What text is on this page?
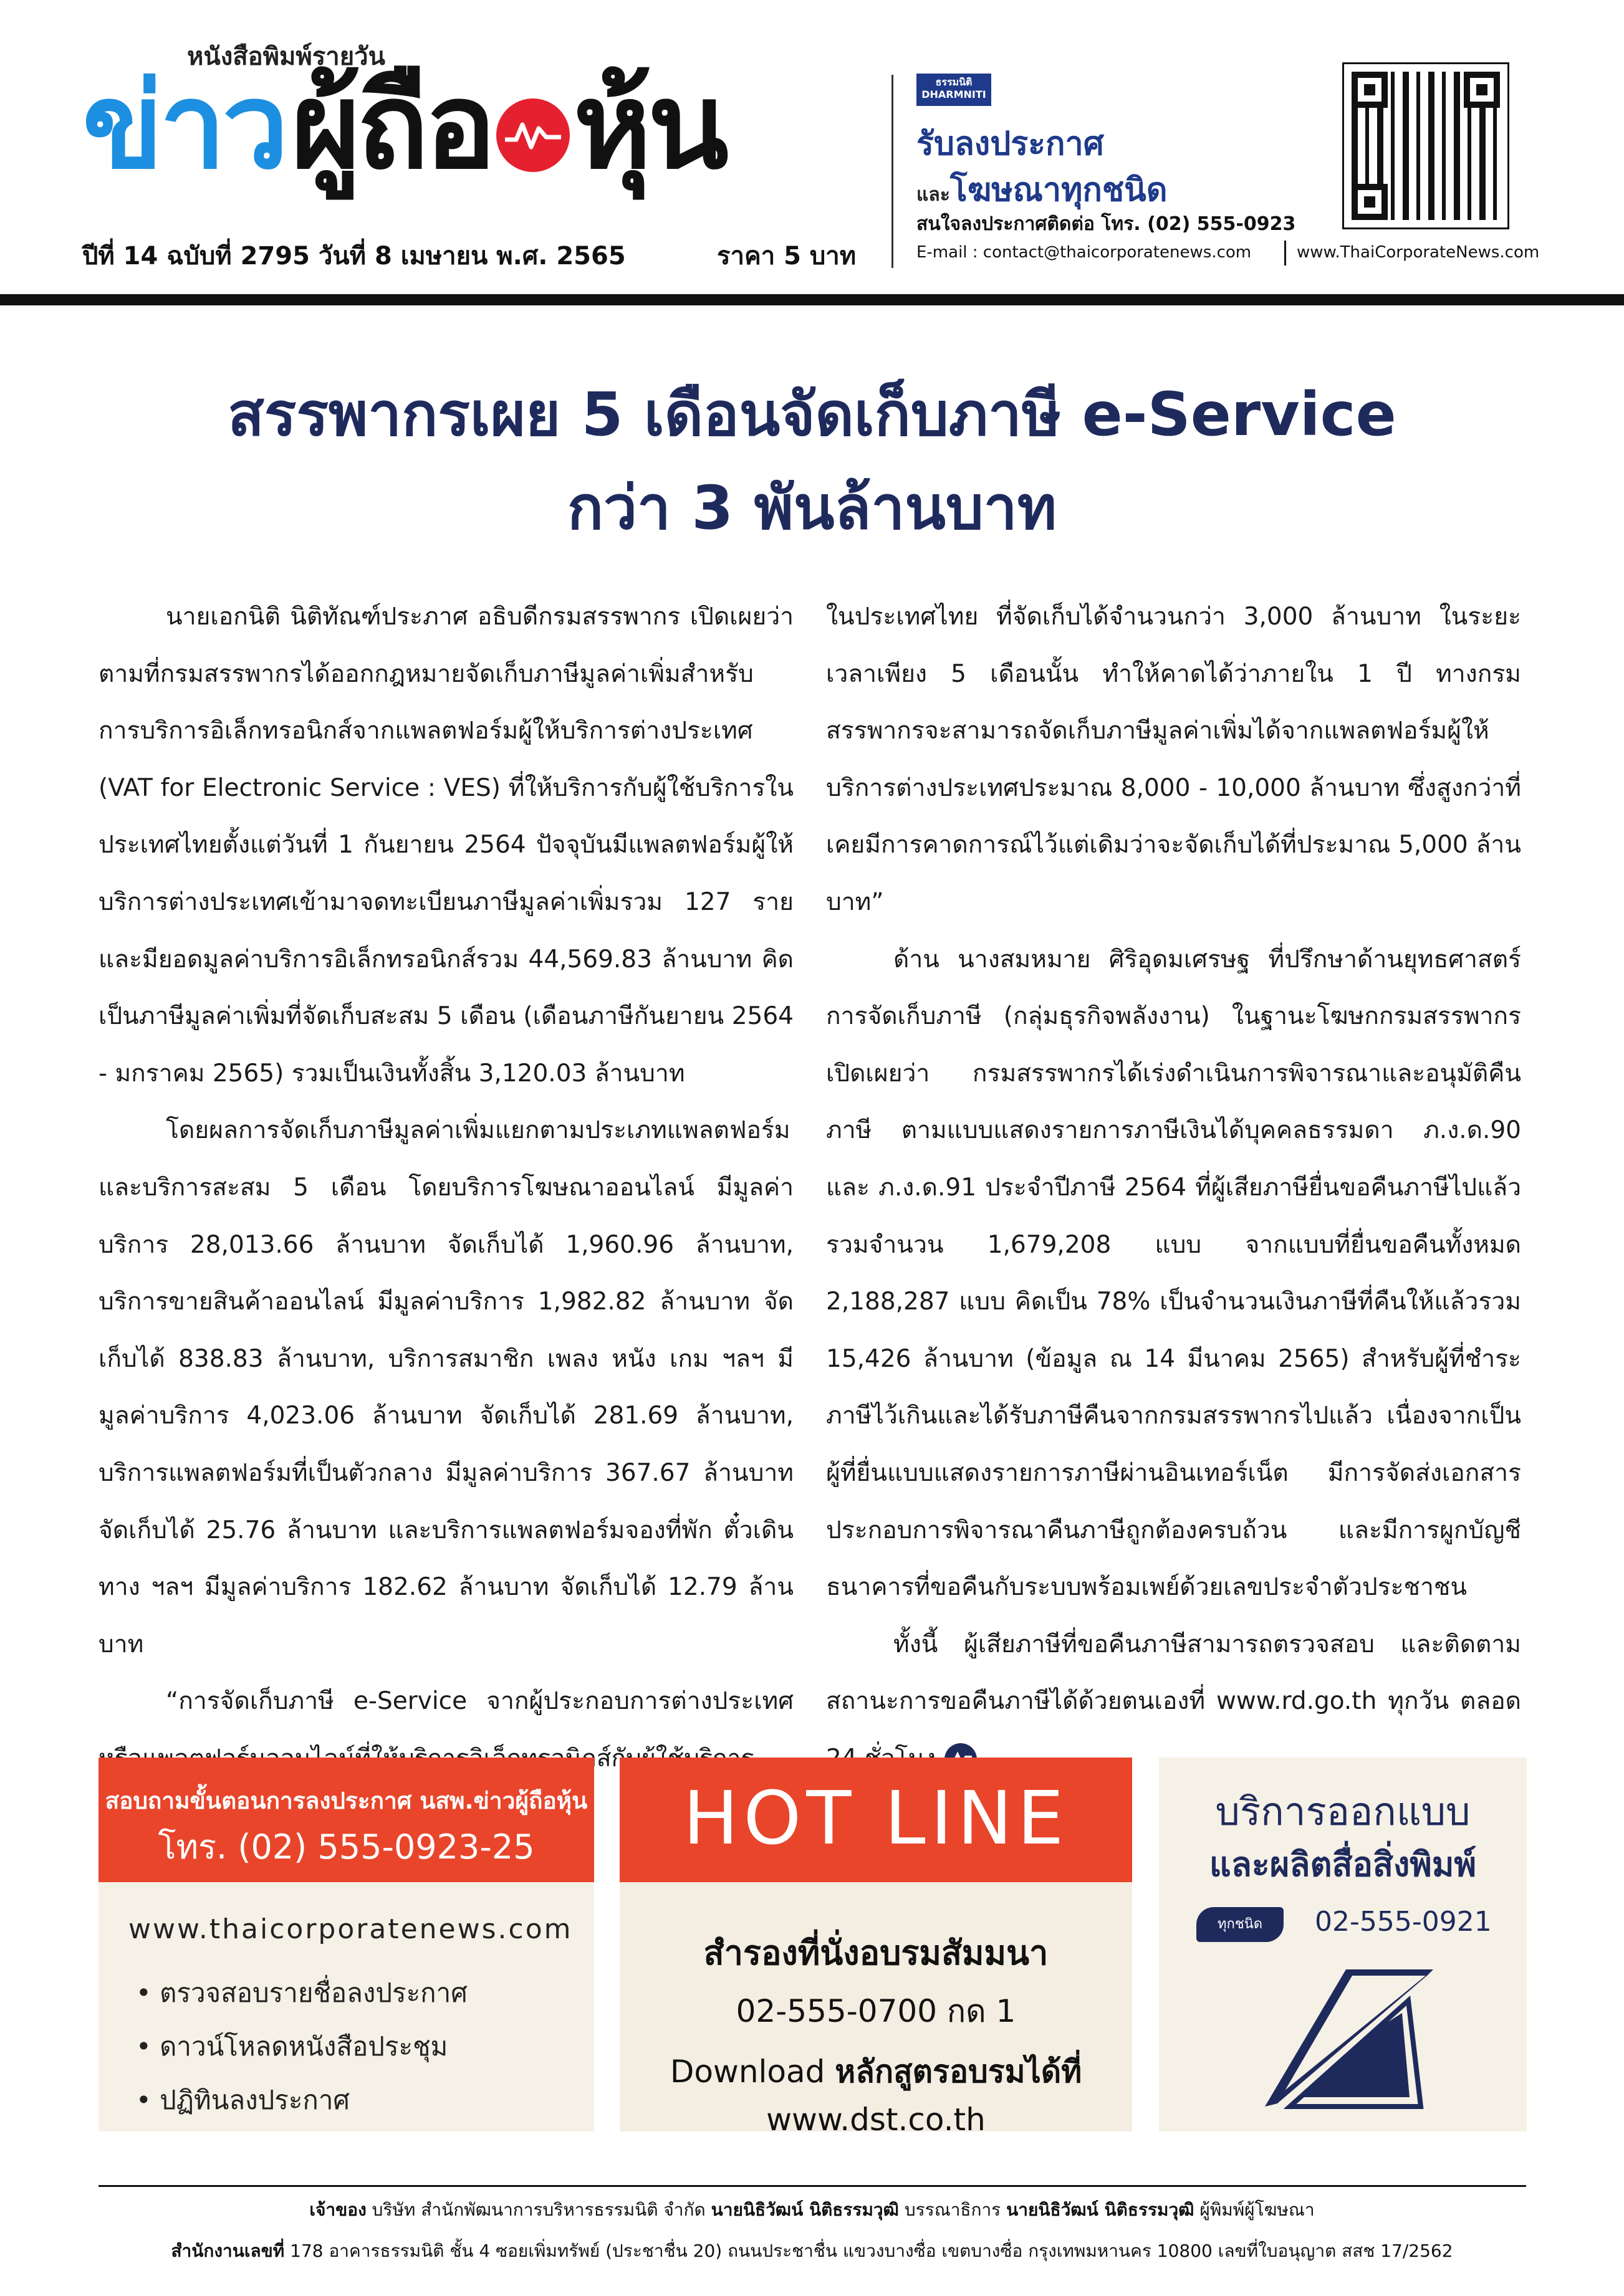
หนังสือพิมพ์รายวัน
ข่าว ผู้ถือ หุ้น
ปีที่ 14 ฉบับที่ 2795 วันที่ 8 เมษายน พ.ศ. 2565	ราคา 5 บาท
ธรรมนิติ DHARMNITI
รับลงประกาศ
และโฆษณาทุกชนิด
สนใจลงประกาศติดต่อ โทร. (02) 555-0923
E-mail : contact@thaicorporatenews.com	www.ThaiCorporateNews.com
สรรพากรเผย 5 เดือนจัดเก็บภาษี e-Service
กว่า 3 พันล้านบาท

นายเอกนิติ นิติทัณฑ์ประภาศ อธิบดีกรมสรรพากร เปิดเผยว่า ตามที่กรมสรรพากรได้ออกกฎหมายจัดเก็บภาษีมูลค่าเพิ่มสำหรับการบริการอิเล็กทรอนิกส์จากแพลตฟอร์มผู้ให้บริการต่างประเทศ (VAT for Electronic Service : VES) ที่ให้บริการกับผู้ใช้บริการในประเทศไทยตั้งแต่วันที่ 1 กันยายน 2564 ปัจจุบันมีแพลตฟอร์มผู้ให้บริการต่างประเทศเข้ามาจดทะเบียนภาษีมูลค่าเพิ่มรวม 127 ราย และมียอดมูลค่าบริการอิเล็กทรอนิกส์รวม 44,569.83 ล้านบาท คิดเป็นภาษีมูลค่าเพิ่มที่จัดเก็บสะสม 5 เดือน (เดือนภาษีกันยายน 2564 - มกราคม 2565) รวมเป็นเงินทั้งสิ้น 3,120.03 ล้านบาท

โดยผลการจัดเก็บภาษีมูลค่าเพิ่มแยกตามประเภทแพลตฟอร์มและบริการสะสม 5 เดือน โดยบริการโฆษณาออนไลน์ มีมูลค่าบริการ 28,013.66 ล้านบาท จัดเก็บได้ 1,960.96 ล้านบาท, บริการขายสินค้าออนไลน์ มีมูลค่าบริการ 1,982.82 ล้านบาท จัดเก็บได้ 838.83 ล้านบาท, บริการสมาชิก เพลง หนัง เกม ฯลฯ มีมูลค่าบริการ 4,023.06 ล้านบาท จัดเก็บได้ 281.69 ล้านบาท, บริการแพลตฟอร์มที่เป็นตัวกลาง มีมูลค่าบริการ 367.67 ล้านบาท จัดเก็บได้ 25.76 ล้านบาท และบริการแพลตฟอร์มจองที่พัก ตั๋วเดินทาง ฯลฯ มีมูลค่าบริการ 182.62 ล้านบาท จัดเก็บได้ 12.79 ล้านบาท

“การจัดเก็บภาษี e-Service จากผู้ประกอบการต่างประเทศ นิกส์กั

ในประเทศไทย ที่จัดเก็บได้จำนวนกว่า 3,000 ล้านบาท ในระยะเวลาเพียง 5 เดือนนั้น ทำให้คาดได้ว่าภายใน 1 ปี ทางกรมสรรพากรจะสามารถจัดเก็บภาษีมูลค่าเพิ่มได้จากแพลตฟอร์มผู้ให้บริการต่างประเทศประมาณ 8,000 - 10,000 ล้านบาท ซึ่งสูงกว่าที่เคยมีการคาดการณ์ไว้แต่เดิมว่าจะจัดเก็บได้ที่ประมาณ 5,000 ล้านบาท”

ด้าน นางสมหมาย ศิริอุดมเศรษฐ ที่ปรึกษาด้านยุทธศาสตร์การจัดเก็บภาษี (กลุ่มธุรกิจพลังงาน) ในฐานะโฆษกกรมสรรพากร เปิดเผยว่า กรมสรรพากรได้เร่งดำเนินการพิจารณาและอนุมัติคืนภาษี ตามแบบแสดงรายการภาษีเงินได้บุคคลธรรมดา ภ.ง.ด.90 และ ภ.ง.ด.91 ประจำปีภาษี 2564 ที่ผู้เสียภาษียื่นขอคืนภาษีไปแล้วรวมจำนวน 1,679,208 แบบ จากแบบที่ยื่นขอคืนทั้งหมด 2,188,287 แบบ คิดเป็น 78% เป็นจำนวนเงินภาษีที่คืนให้แล้วรวม 15,426 ล้านบาท (ข้อมูล ณ 14 มีนาคม 2565) สำหรับผู้ที่ชำระภาษีไว้เกินและได้รับภาษีคืนจากกรมสรรพากรไปแล้ว เนื่องจากเป็นผู้ที่ยื่นแบบแสดงรายการภาษีผ่านอินเทอร์เน็ต มีการจัดส่งเอกสารประกอบการพิจารณาคืนภาษีถูกต้องครบถ้วน และมีการผูกบัญชีธนาคารที่ขอคืนกับระบบพร้อมเพย์ด้วยเลขประจำตัวประชาชน

ทั้งนี้ ผู้เสียภาษีที่ขอคืนภาษีสามารถตรวจสอบ และติดตามสถานะการขอคืนภาษีได้ด้วยตนเองที่ www.rd.go.th ทุกวัน ตลอด

สอบถามขั้นตอนการลงประกาศ นสพ.ข่าวผู้ถือหุ้น
โทร. (02) 555-0923-25
www.thaicorporatenews.com
• ตรวจสอบรายชื่อลงประกาศ
• ดาวน์โหลดหนังสือประชุม
• ปฏิทินลงประกาศ
HOT LINE
สำรองที่นั่งอบรมสัมมนา
02-555-0700 กด 1
Download หลักสูตรอบรมได้ที่
www.dst.co.th
บริการออกแบบ
และผลิตสื่อสิ่งพิมพ์
ทุกชนิด	02-555-0921
เจ้าของ บริษัท สำนักพัฒนาการบริหารธรรมนิติ จำกัด นายนิธิวัฒน์ นิติธรรมวุฒิ บรรณาธิการ นายนิธิวัฒน์ นิติธรรมวุฒิ ผู้พิมพ์ผู้โฆษณา
สำนักงานเลขที่ 178 อาคารธรรมนิติ ชั้น 4 ซอยเพิ่มทรัพย์ (ประชาชื่น 20) ถนนประชาชื่น แขวงบางซื่อ เขตบางซื่อ กรุงเทพมหานคร 10800 เลขที่ใบอนุญาต สสช 17/2562
